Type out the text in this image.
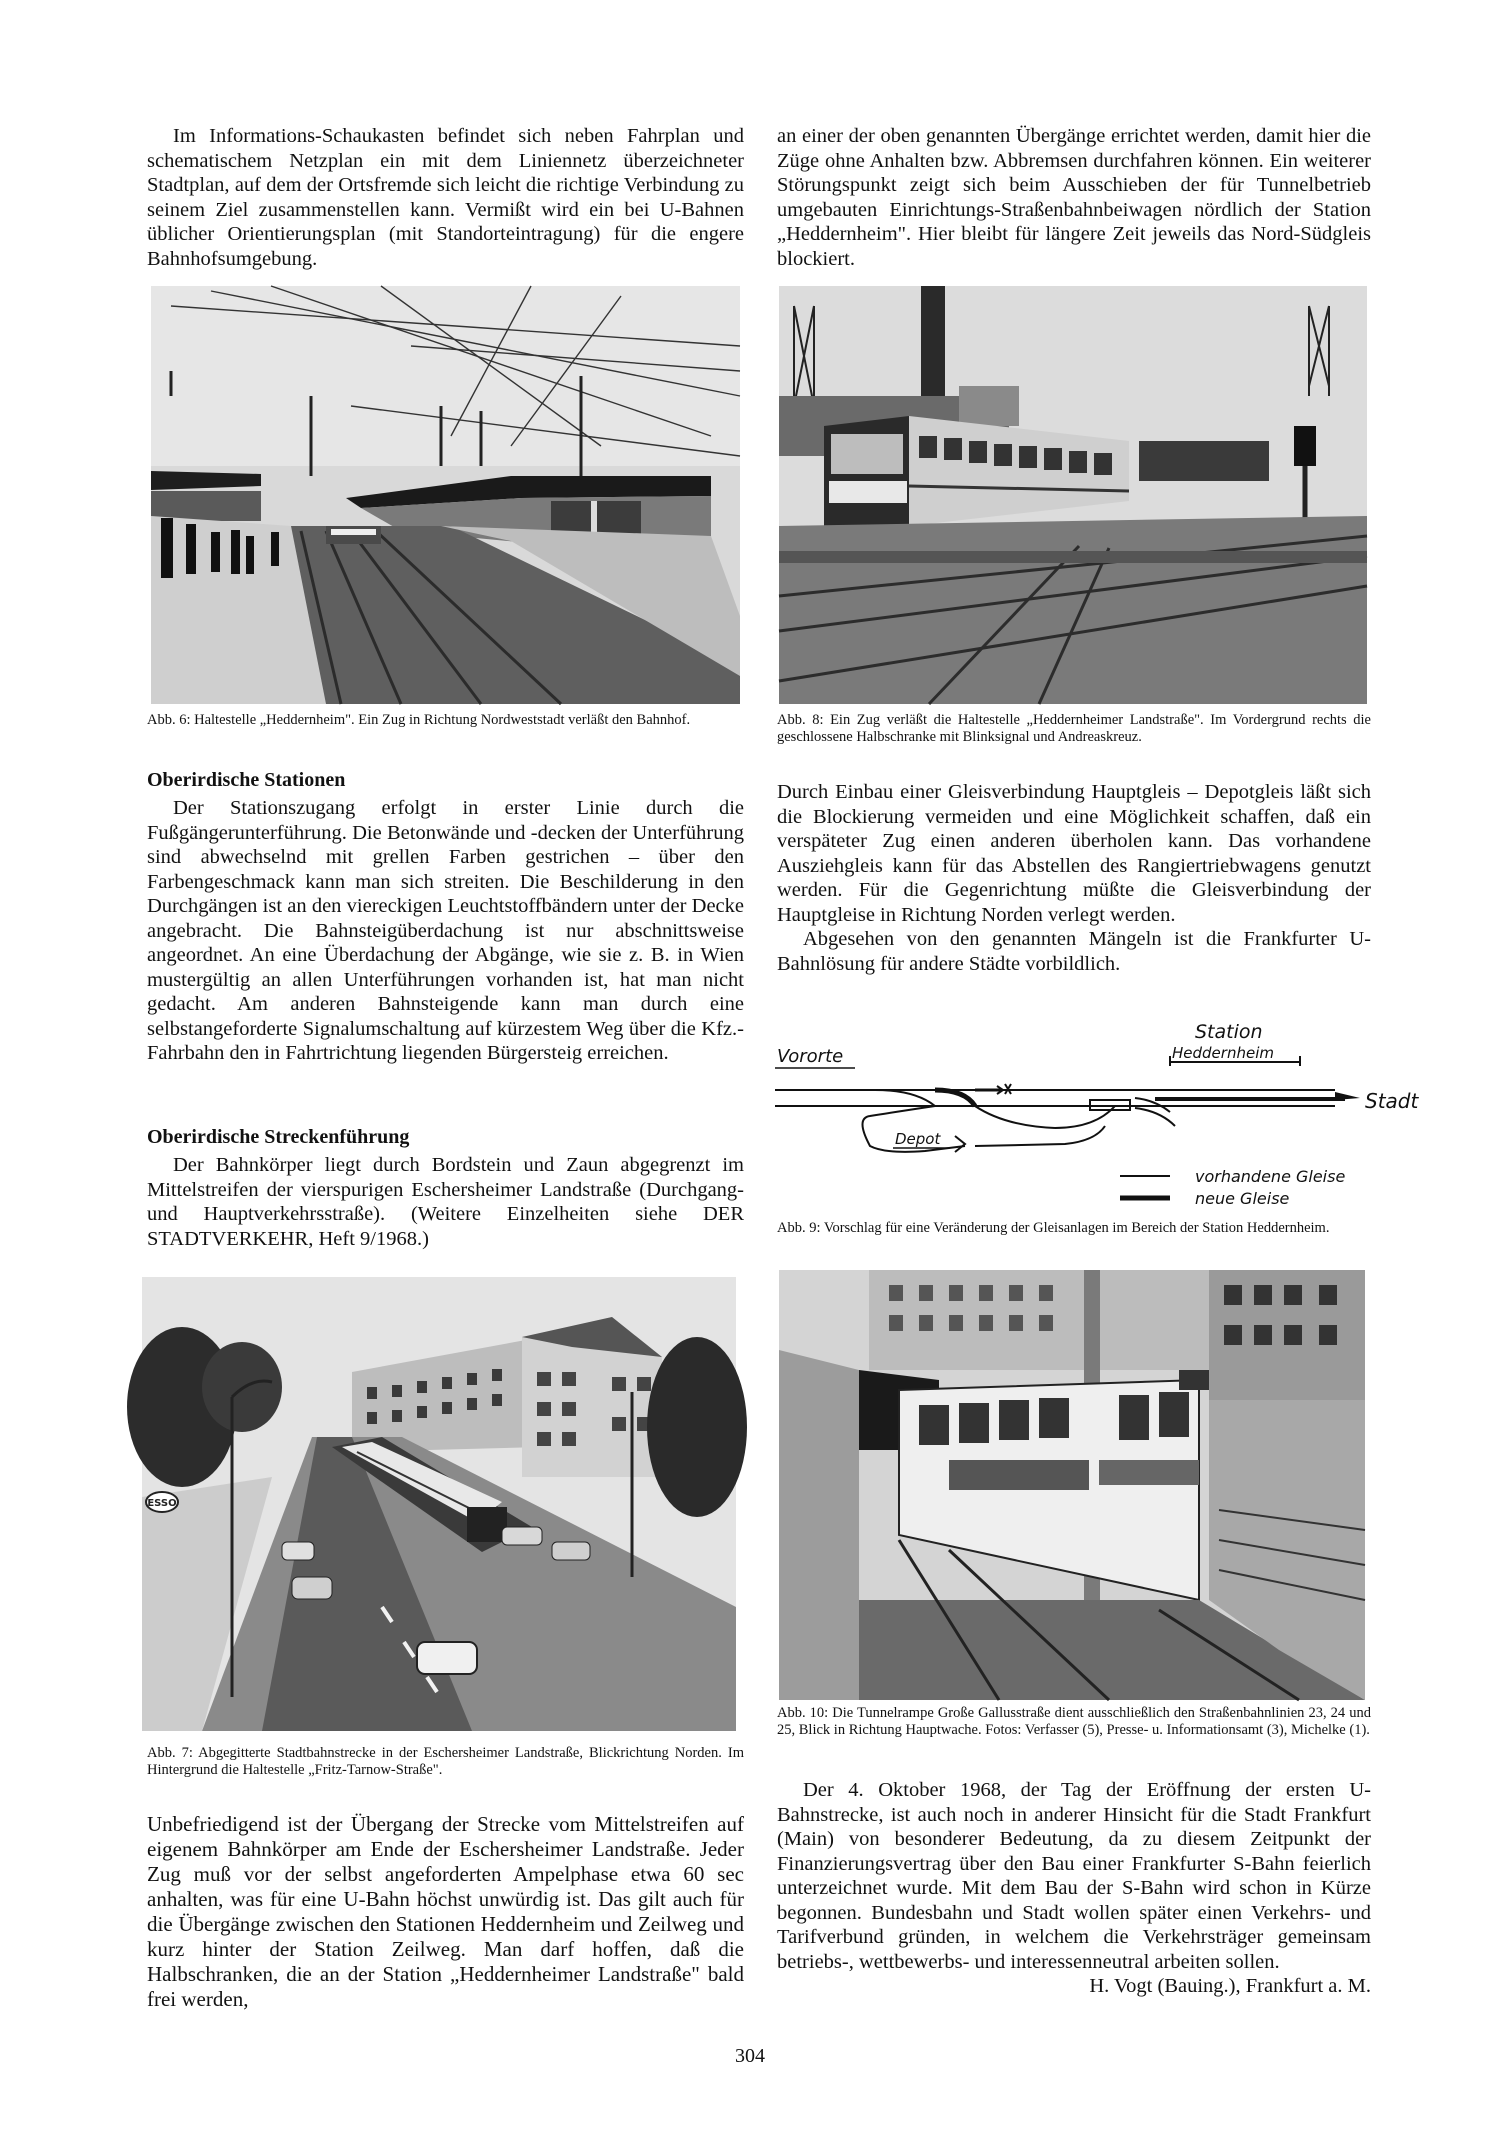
Im Informations-Schaukasten befindet sich neben Fahrplan und schematischem Netzplan ein mit dem Liniennetz überzeichneter Stadtplan, auf dem der Ortsfremde sich leicht die richtige Verbindung zu seinem Ziel zusammenstellen kann. Vermißt wird ein bei U-Bahnen üblicher Orientierungsplan (mit Standorteintragung) für die engere Bahnhofsumgebung.

Abb. 6: Haltestelle „Heddernheim". Ein Zug in Richtung Nordweststadt verläßt den Bahnhof.

Oberirdische Stationen

Der Stationszugang erfolgt in erster Linie durch die Fußgängerunterführung. Die Betonwände und -decken der Unterführung sind abwechselnd mit grellen Farben gestrichen – über den Farbengeschmack kann man sich streiten. Die Beschilderung in den Durchgängen ist an den viereckigen Leuchtstoffbändern unter der Decke angebracht. Die Bahnsteigüberdachung ist nur abschnittsweise angeordnet. An eine Überdachung der Abgänge, wie sie z. B. in Wien mustergültig an allen Unterführungen vorhanden ist, hat man nicht gedacht. Am anderen Bahnsteigende kann man durch eine selbstangeforderte Signalumschaltung auf kürzestem Weg über die Kfz.-Fahrbahn den in Fahrtrichtung liegenden Bürgersteig erreichen.

Oberirdische Streckenführung

Der Bahnkörper liegt durch Bordstein und Zaun abgegrenzt im Mittelstreifen der vierspurigen Eschersheimer Landstraße (Durchgang- und Hauptverkehrsstraße). (Weitere Einzelheiten siehe DER STADTVERKEHR, Heft 9/1968.)

ESSO

Abb. 7: Abgegitterte Stadtbahnstrecke in der Eschersheimer Landstraße, Blickrichtung Norden. Im Hintergrund die Haltestelle „Fritz-Tarnow-Straße".

Unbefriedigend ist der Übergang der Strecke vom Mittelstreifen auf eigenem Bahnkörper am Ende der Eschersheimer Landstraße. Jeder Zug muß vor der selbst angeforderten Ampelphase etwa 60 sec anhalten, was für eine U-Bahn höchst unwürdig ist. Das gilt auch für die Übergänge zwischen den Stationen Heddernheim und Zeilweg und kurz hinter der Station Zeilweg. Man darf hoffen, daß die Halbschranken, die an der Station „Heddernheimer Landstraße" bald frei werden,

an einer der oben genannten Übergänge errichtet werden, damit hier die Züge ohne Anhalten bzw. Abbremsen durchfahren können. Ein weiterer Störungspunkt zeigt sich beim Ausschieben der für Tunnelbetrieb umgebauten Einrichtungs-Straßenbahnbeiwagen nördlich der Station „Heddernheim". Hier bleibt für längere Zeit jeweils das Nord-Südgleis blockiert.

Abb. 8: Ein Zug verläßt die Haltestelle „Heddernheimer Landstraße". Im Vordergrund rechts die geschlossene Halbschranke mit Blinksignal und Andreaskreuz.

Durch Einbau einer Gleisverbindung Hauptgleis – Depotgleis läßt sich die Blockierung vermeiden und eine Möglichkeit schaffen, daß ein verspäteter Zug einen anderen überholen kann. Das vorhandene Ausziehgleis kann für das Abstellen des Rangiertriebwagens genutzt werden. Für die Gegenrichtung müßte die Gleisverbindung der Hauptgleise in Richtung Norden verlegt werden.

Abgesehen von den genannten Mängeln ist die Frankfurter U-Bahnlösung für andere Städte vorbildlich.

Station
Heddernheim
Vororte
Stadt
Depot
vorhandene Gleise
neue Gleise

Abb. 9: Vorschlag für eine Veränderung der Gleisanlagen im Bereich der Station Heddernheim.

Abb. 10: Die Tunnelrampe Große Gallusstraße dient ausschließlich den Straßenbahnlinien 23, 24 und 25, Blick in Richtung Hauptwache. Fotos: Verfasser (5), Presse- u. Informationsamt (3), Michelke (1).

Der 4. Oktober 1968, der Tag der Eröffnung der ersten U-Bahnstrecke, ist auch noch in anderer Hinsicht für die Stadt Frankfurt (Main) von besonderer Bedeutung, da zu diesem Zeitpunkt der Finanzierungsvertrag über den Bau einer Frankfurter S-Bahn feierlich unterzeichnet wurde. Mit dem Bau der S-Bahn wird schon in Kürze begonnen. Bundesbahn und Stadt wollen später einen Verkehrs- und Tarifverbund gründen, in welchem die Verkehrsträger gemeinsam betriebs-, wettbewerbs- und interessenneutral arbeiten sollen.

H. Vogt (Bauing.), Frankfurt a. M.

304
